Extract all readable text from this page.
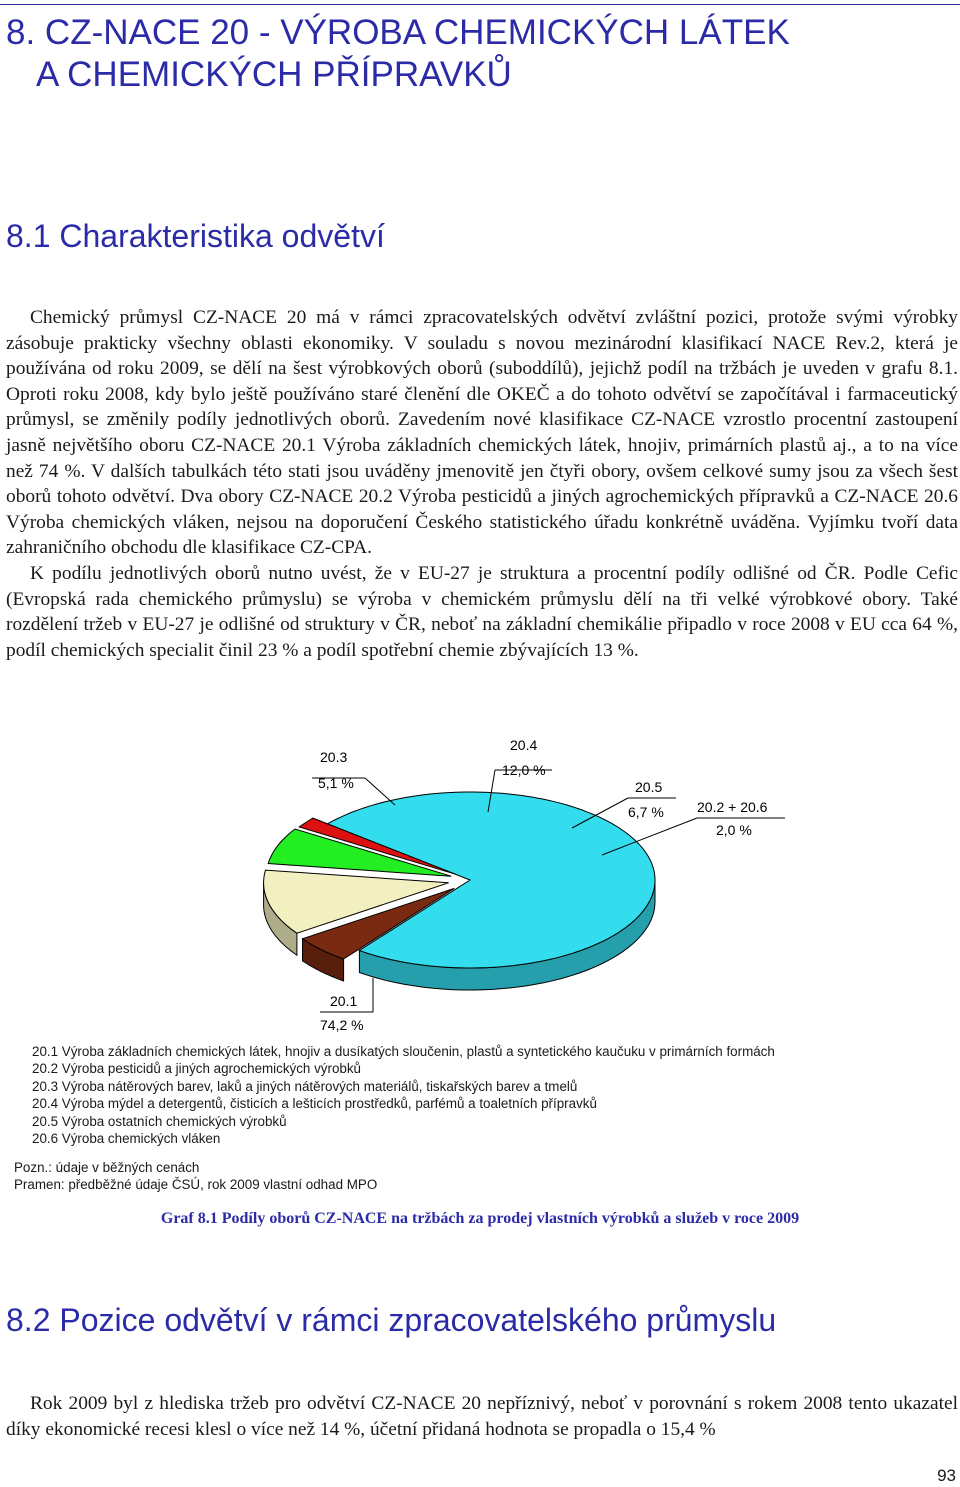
8. CZ-NACE 20 - VÝROBA CHEMICKÝCH LÁTEK
A CHEMICKÝCH PŘÍPRAVKŮ
8.1 Charakteristika odvětví

Chemický průmysl CZ-NACE 20 má v rámci zpracovatelských odvětví zvláštní pozici, protože svými výrobky zásobuje prakticky všechny oblasti ekonomiky. V souladu s novou mezinárodní klasifikací NACE Rev.2, která je používána od roku 2009, se dělí na šest výrobkových oborů (suboddílů), jejichž podíl na tržbách je uveden v grafu 8.1. Oproti roku 2008, kdy bylo ještě používáno staré členění dle OKEČ a do tohoto odvětví se započítával i farmaceutický průmysl, se změnily podíly jednotlivých oborů. Zavedením nové klasifikace CZ-NACE vzrostlo procentní zastoupení jasně největšího oboru CZ-NACE 20.1 Výroba základních chemických látek, hnojiv, primárních plastů aj., a to na více než 74 %. V dalších tabulkách této stati jsou uváděny jmenovitě jen čtyři obory, ovšem celkové sumy jsou za všech šest oborů tohoto odvětví. Dva obory CZ-NACE 20.2 Výroba pesticidů a jiných agrochemických přípravků a CZ-NACE 20.6 Výroba chemických vláken, nejsou na doporučení Českého statistického úřadu konkrétně uváděna. Vyjímku tvoří data zahraničního obchodu dle klasifikace CZ-CPA.

K podílu jednotlivých oborů nutno uvést, že v EU-27 je struktura a procentní podíly odlišné od ČR. Podle Cefic (Evropská rada chemického průmyslu) se výroba v chemickém průmyslu dělí na tři velké výrobkové obory. Také rozdělení tržeb v EU-27 je odlišné od struktury v ČR, neboť na základní chemikálie připadlo v roce 2008 v EU cca 64 %, podíl chemických specialit činil 23 % a podíl spotřební chemie zbývajících 13 %.

20.3
5,1 %
20.4
12,0 %
20.5
6,7 % 20.2 + 20.6
2,0 %
20.1
74,2 %
20.1 Výroba základních chemických látek, hnojiv a dusíkatých sloučenin, plastů a syntetického kaučuku v primárních formách
20.2 Výroba pesticidů a jiných agrochemických výrobků
20.3 Výroba nátěrových barev, laků a jiných nátěrových materiálů, tiskařských barev a tmelů
20.4 Výroba mýdel a detergentů, čisticích a lešticích prostředků, parfémů a toaletních přípravků
20.5 Výroba ostatních chemických výrobků
20.6 Výroba chemických vláken
Pozn.: údaje v běžných cenách
Pramen: předběžné údaje ČSÚ, rok 2009 vlastní odhad MPO
Graf 8.1 Podíly oborů CZ-NACE na tržbách za prodej vlastních výrobků a služeb v roce 2009
8.2 Pozice odvětví v rámci zpracovatelského průmyslu

Rok 2009 byl z hlediska tržeb pro odvětví CZ-NACE 20 nepříznivý, neboť v porovnání s rokem 2008 tento ukazatel díky ekonomické recesi klesl o více než 14 %, účetní přidaná hodnota se propadla o 15,4 %

93
